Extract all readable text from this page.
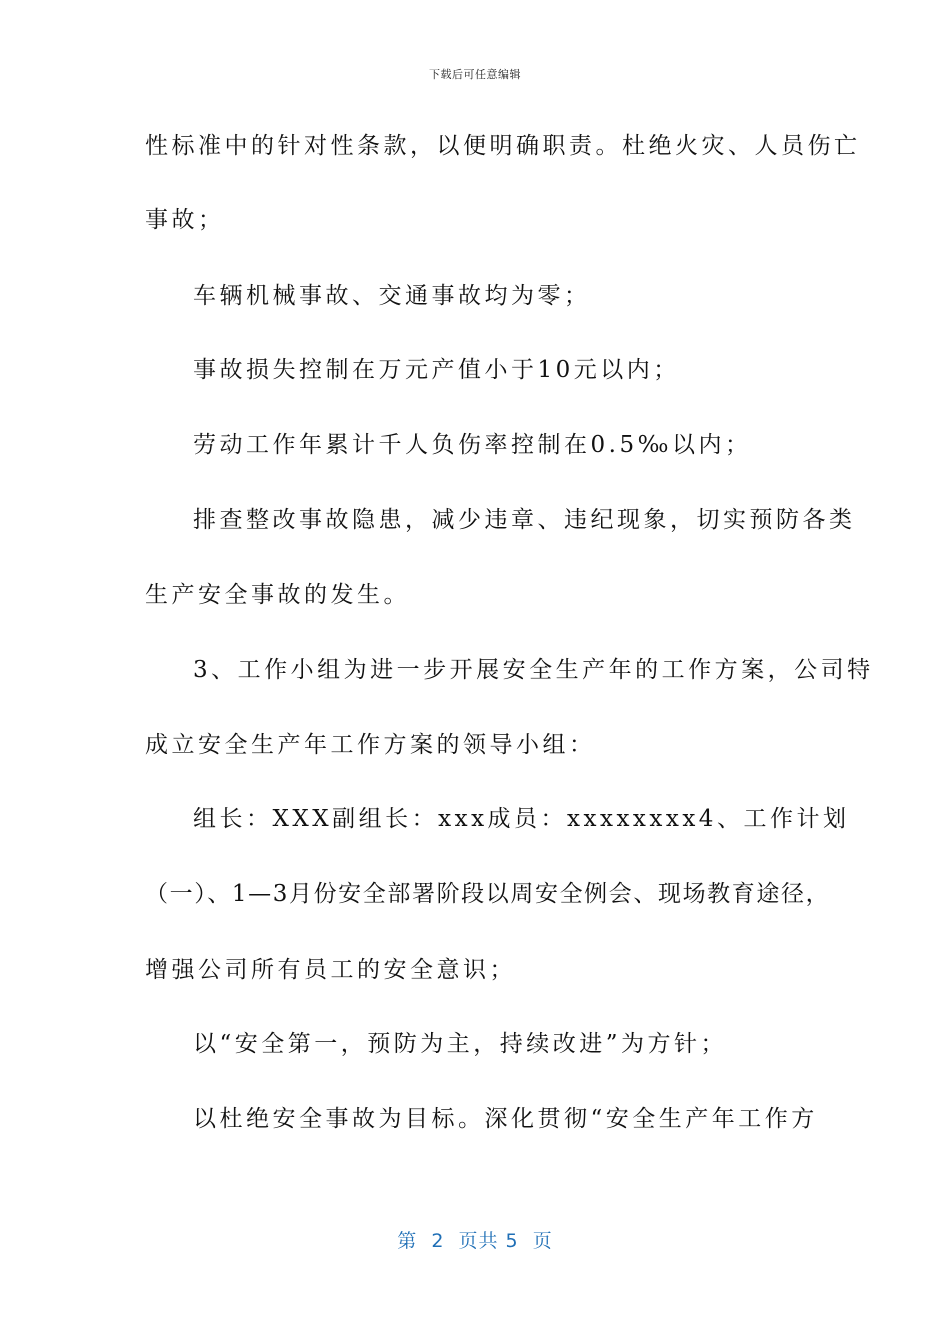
下载后可任意编辑
性标准中的针对性条款，以便明确职责。杜绝火灾、人员伤亡
事故；
车辆机械事故、交通事故均为零；
事故损失控制在万元产值小于10元以内；
劳动工作年累计千人负伤率控制在0.5‰以内；
排查整改事故隐患，减少违章、违纪现象，切实预防各类
生产安全事故的发生。
3、工作小组为进一步开展安全生产年的工作方案，公司特
成立安全生产年工作方案的领导小组：
组长：XXX副组长：xxx成员：xxxxxxxx4、工作计划
（一）、1—3月份安全部署阶段以周安全例会、现场教育途径，
增强公司所有员工的安全意识；
以“安全第一，预防为主，持续改进”为方针；
以杜绝安全事故为目标。深化贯彻“安全生产年工作方
第  2  页共 5  页
